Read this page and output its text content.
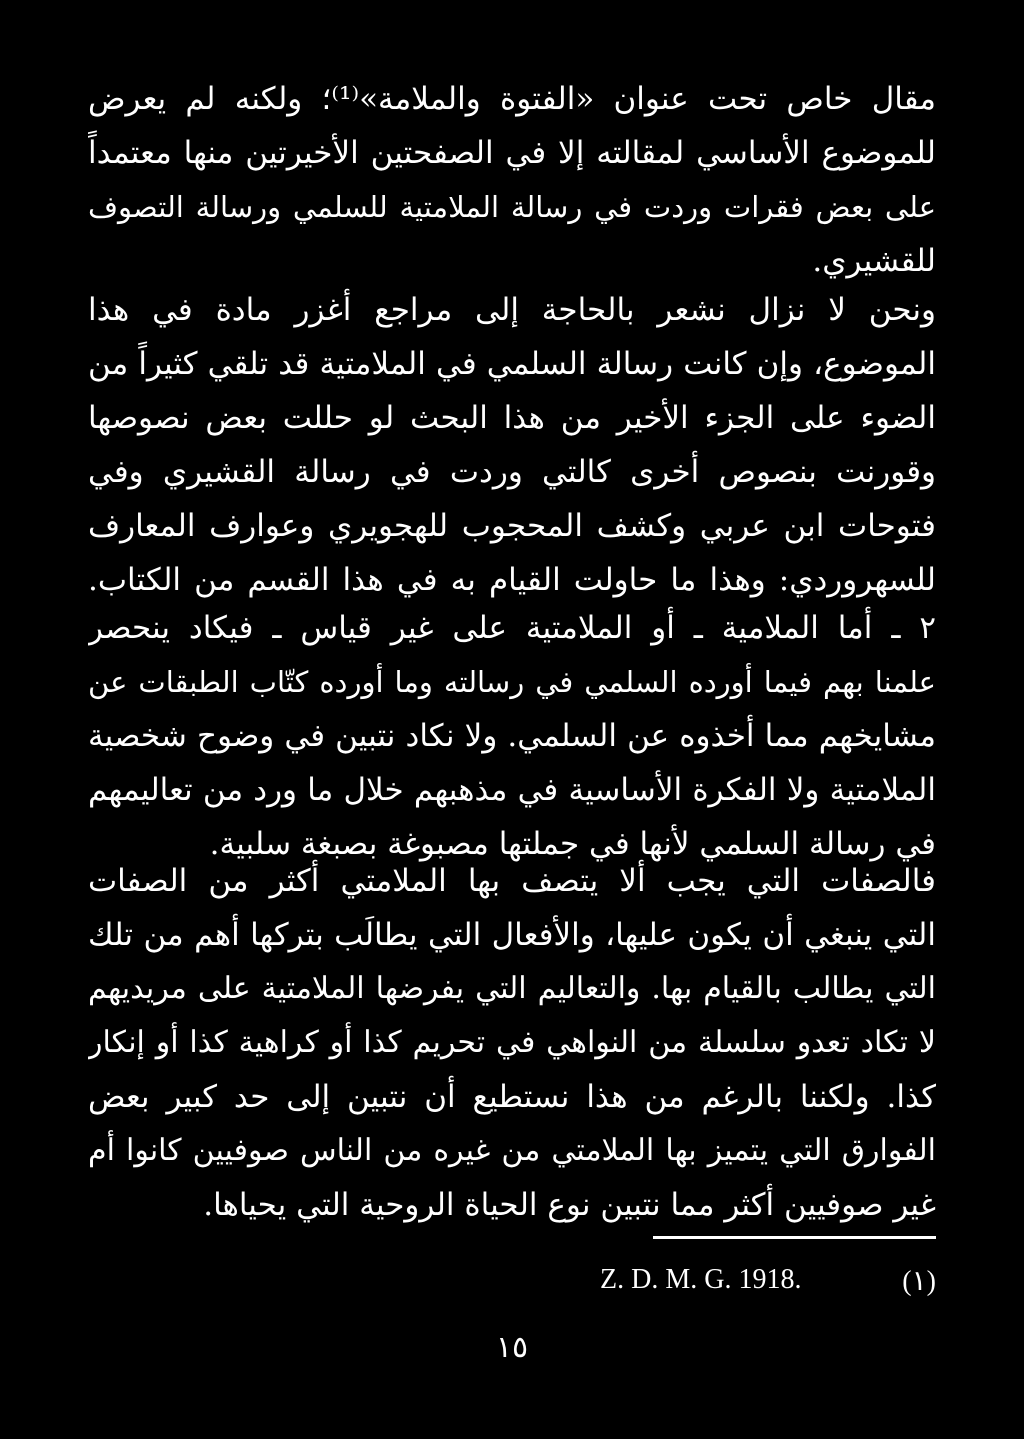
مقال خاص تحت عنوان «الفتوة والملامة»⁽¹⁾؛ ولكنه لم يعرض
للموضوع الأساسي لمقالته إلا في الصفحتين الأخيرتين منها معتمداً
على بعض فقرات وردت في رسالة الملامتية للسلمي ورسالة التصوف
للقشيري.
ونحن لا نزال نشعر بالحاجة إلى مراجع أغزر مادة في هذا
الموضوع، وإن كانت رسالة السلمي في الملامتية قد تلقي كثيراً من
الضوء على الجزء الأخير من هذا البحث لو حللت بعض نصوصها
وقورنت بنصوص أخرى كالتي وردت في رسالة القشيري وفي
فتوحات ابن عربي وكشف المحجوب للهجويري وعوارف المعارف
للسهروردي: وهذا ما حاولت القيام به في هذا القسم من الكتاب.
٢ ـ أما الملامية ـ أو الملامتية على غير قياس ـ فيكاد ينحصر
علمنا بهم فيما أورده السلمي في رسالته وما أورده كتّاب الطبقات عن
مشايخهم مما أخذوه عن السلمي. ولا نكاد نتبين في وضوح شخصية
الملامتية ولا الفكرة الأساسية في مذهبهم خلال ما ورد من تعاليمهم
في رسالة السلمي لأنها في جملتها مصبوغة بصبغة سلبية.
فالصفات التي يجب ألا يتصف بها الملامتي أكثر من الصفات
التي ينبغي أن يكون عليها، والأفعال التي يطالَب بتركها أهم من تلك
التي يطالب بالقيام بها. والتعاليم التي يفرضها الملامتية على مريديهم
لا تكاد تعدو سلسلة من النواهي في تحريم كذا أو كراهية كذا أو إنكار
كذا. ولكننا بالرغم من هذا نستطيع أن نتبين إلى حد كبير بعض
الفوارق التي يتميز بها الملامتي من غيره من الناس صوفيين كانوا أم
غير صوفيين أكثر مما نتبين نوع الحياة الروحية التي يحياها.
Z. D. M. G. 1918.	(١)
١٥
